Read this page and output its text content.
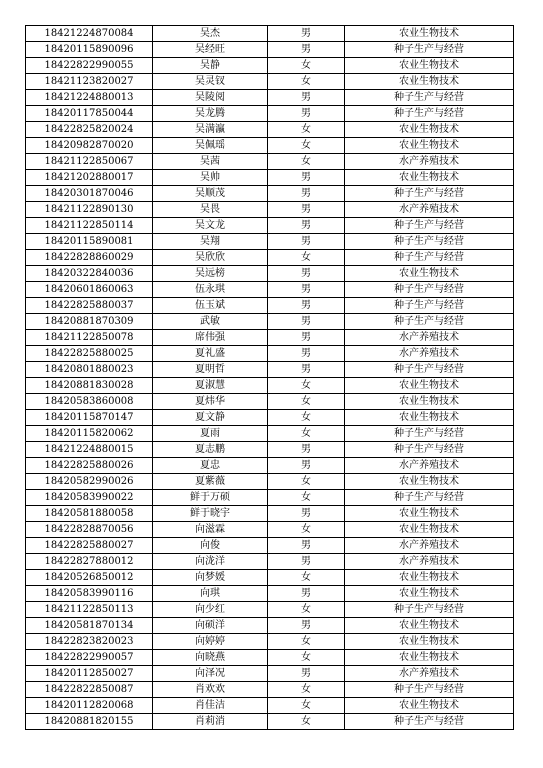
18421224870084	吴杰	男	农业生物技术
18420115890096	吴经旺	男	种子生产与经营
18422822990055	吴静	女	农业生物技术
18421123820027	吴灵钗	女	农业生物技术
18421224880013	吴陵阅	男	种子生产与经营
18420117850044	吴龙腾	男	种子生产与经营
18422825820024	吴满瀛	女	农业生物技术
18420982870020	吴佩瑶	女	农业生物技术
18421122850067	吴茜	女	水产养殖技术
18421202880017	吴帅	男	农业生物技术
18420301870046	吴顺茂	男	种子生产与经营
18421122890130	吴畏	男	水产养殖技术
18421122850114	吴文龙	男	种子生产与经营
18420115890081	吴翔	男	种子生产与经营
18422828860029	吴欣欣	女	种子生产与经营
18420322840036	吴远榜	男	农业生物技术
18420601860063	伍永琪	男	种子生产与经营
18422825880037	伍玉斌	男	种子生产与经营
18420881870309	武敏	男	种子生产与经营
18421122850078	席伟强	男	水产养殖技术
18422825880025	夏礼盛	男	水产养殖技术
18420801880023	夏明哲	男	种子生产与经营
18420881830028	夏淑慧	女	农业生物技术
18420583860008	夏炜华	女	农业生物技术
18420115870147	夏文静	女	农业生物技术
18420115820062	夏雨	女	种子生产与经营
18421224880015	夏志鹏	男	种子生产与经营
18422825880026	夏忠	男	水产养殖技术
18420582990026	夏紫薇	女	农业生物技术
18420583990022	鲜于万硕	女	种子生产与经营
18420581880058	鲜于晓宇	男	农业生物技术
18422828870056	向滋霖	女	农业生物技术
18422825880027	向俊	男	水产养殖技术
18422827880012	向泷洋	男	水产养殖技术
18420526850012	向梦媛	女	农业生物技术
18420583990116	向琪	男	农业生物技术
18421122850113	向少红	女	种子生产与经营
18420581870134	向硕洋	男	农业生物技术
18422823820023	向婷婷	女	农业生物技术
18422822990057	向晓燕	女	农业生物技术
18420112850027	向泽况	男	水产养殖技术
18422822850087	肖欢欢	女	种子生产与经营
18420112820068	肖佳洁	女	农业生物技术
18420881820155	肖莉消	女	种子生产与经营
